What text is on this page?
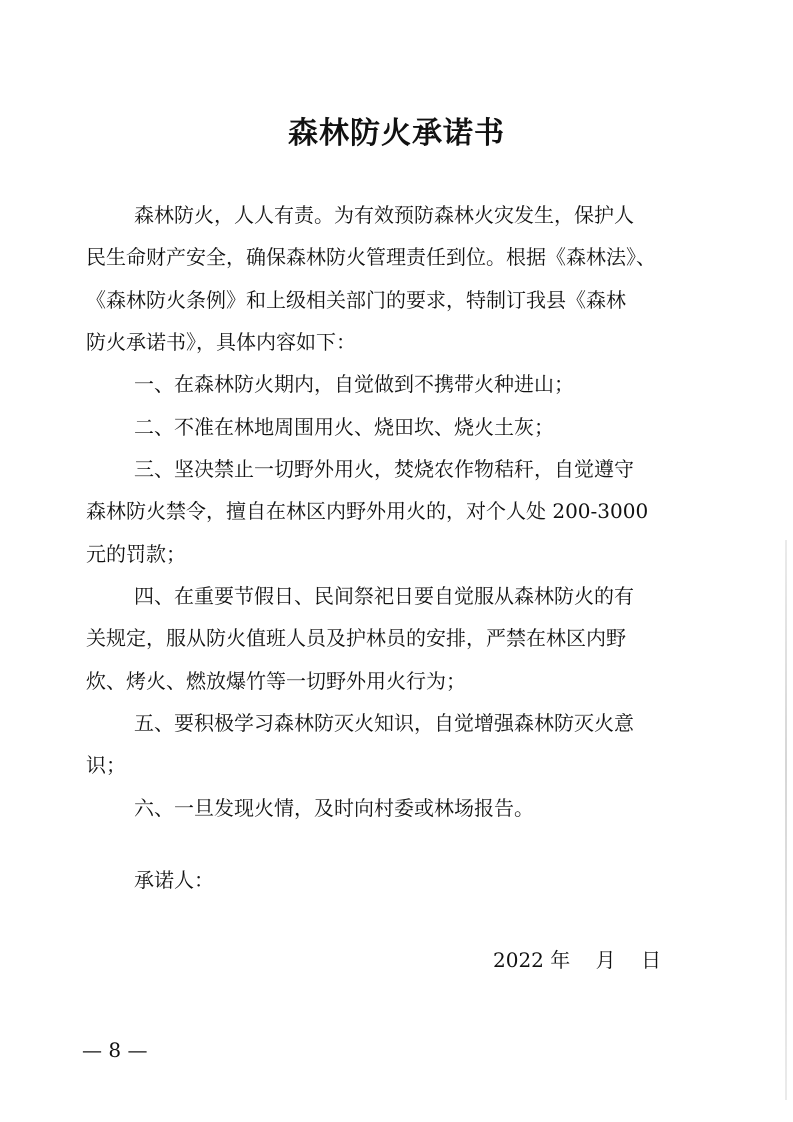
森林防火承诺书
森林防火，人人有责。为有效预防森林火灾发生，保护人
民生命财产安全，确保森林防火管理责任到位。根据《森林法》、
《森林防火条例》和上级相关部门的要求，特制订我县《森林
防火承诺书》，具体内容如下：
一、在森林防火期内，自觉做到不携带火种进山；
二、不准在林地周围用火、烧田坎、烧火土灰；
三、坚决禁止一切野外用火，焚烧农作物秸秆，自觉遵守
森林防火禁令，擅自在林区内野外用火的，对个人处 200-3000
元的罚款；
四、在重要节假日、民间祭祀日要自觉服从森林防火的有
关规定，服从防火值班人员及护林员的安排，严禁在林区内野
炊、烤火、燃放爆竹等一切野外用火行为；
五、要积极学习森林防灭火知识，自觉增强森林防灭火意
识；
六、一旦发现火情，及时向村委或林场报告。
承诺人：
2022 年    月    日
— 8 —
